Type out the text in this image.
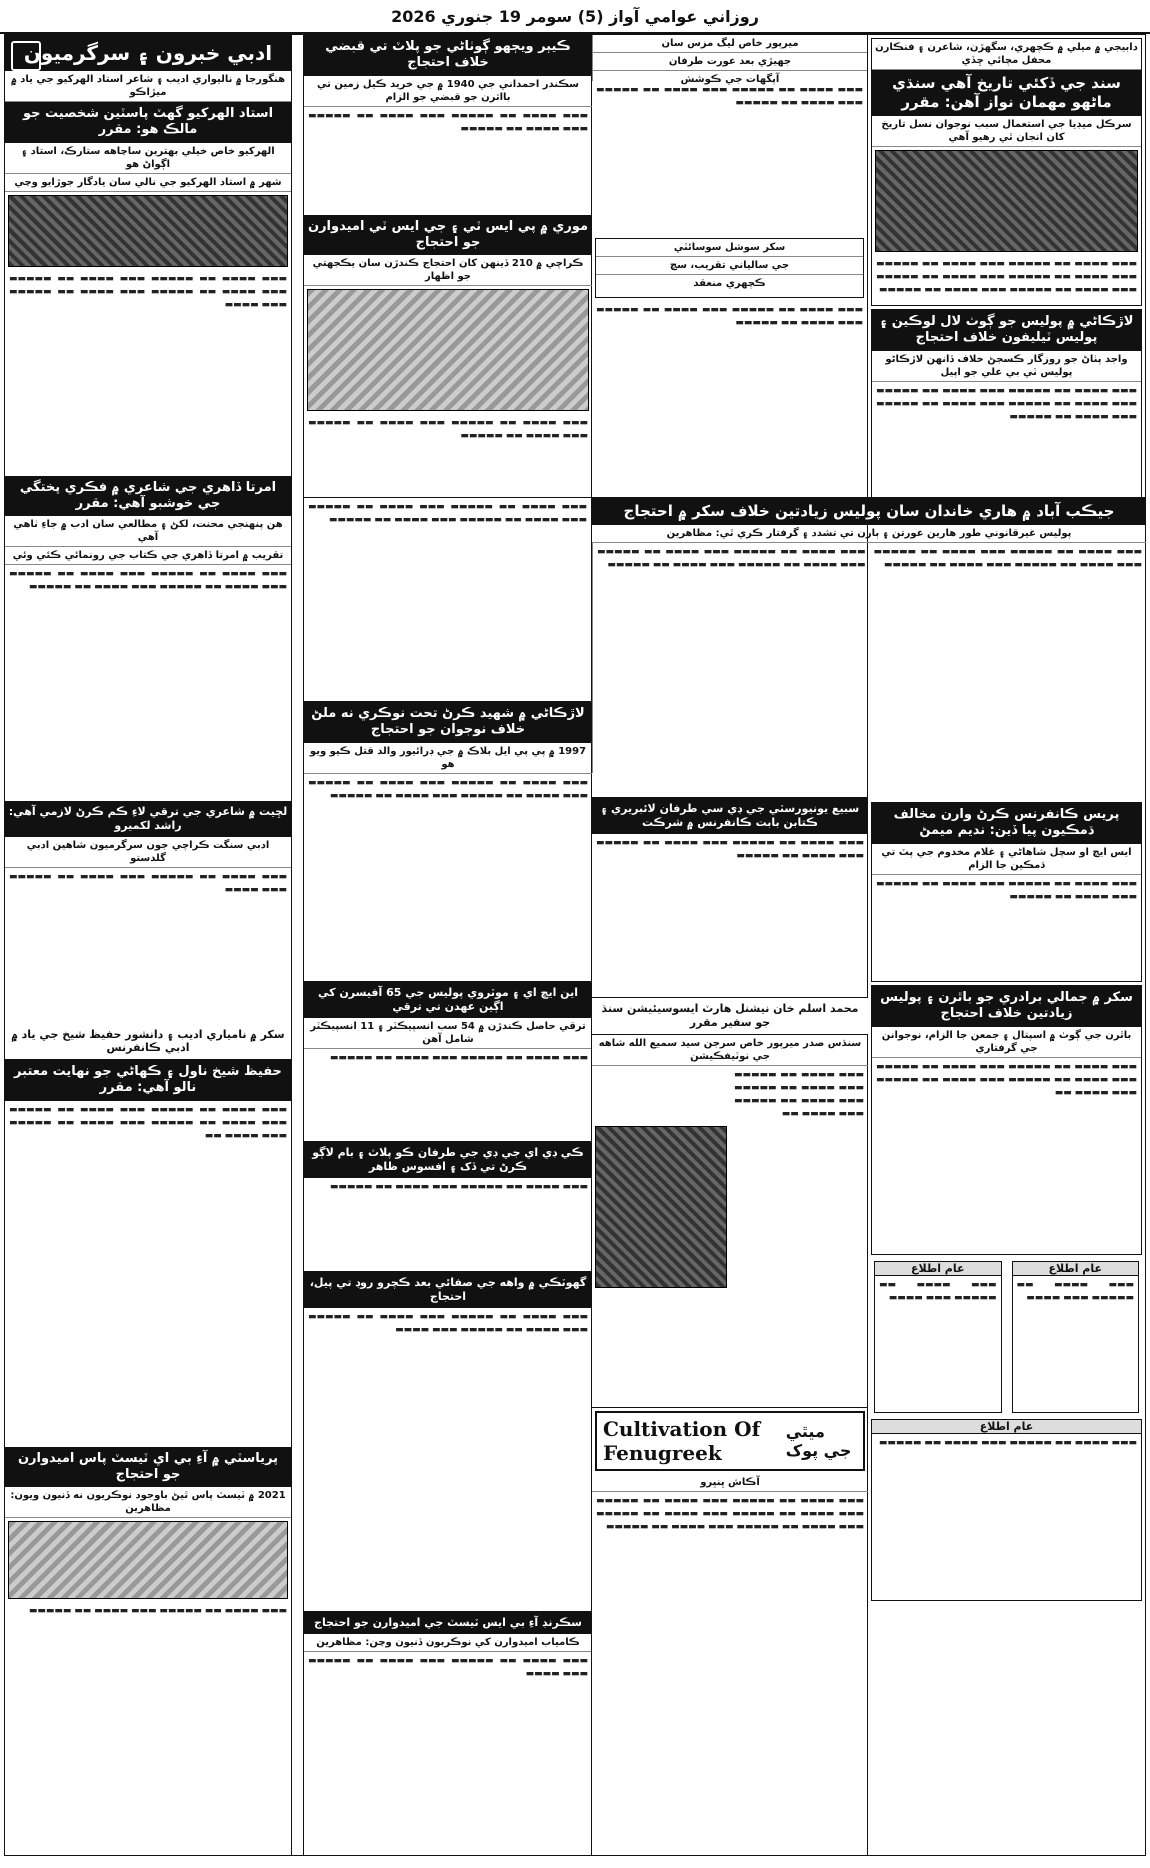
روزاني عوامي آواز (5) سومر 19 جنوري 2026
دابيجي ۾ ميلي ۾ ڪچهري، سگهڙن، شاعرن ۽ فنڪارن محفل مچائي ڇڏي
سند جي ڏکئي تاريخ آهي سنڌي ماڻهو مهمان نواز آهن: مقرر
سرڪل ميڊيا جي استعمال سبب نوجوان نسل تاريخ کان انجان ٿي رهيو آهي
▬▬▬ ▬▬▬▬ ▬▬ ▬▬▬▬▬ ▬▬▬ ▬▬▬▬ ▬▬ ▬▬▬▬▬ ▬▬▬ ▬▬▬▬ ▬▬ ▬▬▬▬▬ ▬▬▬ ▬▬▬▬ ▬▬ ▬▬▬▬▬ ▬▬▬ ▬▬▬▬ ▬▬ ▬▬▬▬▬ ▬▬▬ ▬▬▬▬ ▬▬ ▬▬▬▬▬
لاڙڪاڻي ۾ پوليس جو ڳوٺ لال لوڪين ۽ پوليس ٽيليفون خلاف احتجاج
واجد پٺاڻ جو روزگار ڪسجڻ خلاف ڏانهن لاڙڪاڻو پوليس ٽي بي علي جو اپيل
▬▬▬ ▬▬▬▬ ▬▬ ▬▬▬▬▬ ▬▬▬ ▬▬▬▬ ▬▬ ▬▬▬▬▬ ▬▬▬ ▬▬▬▬ ▬▬ ▬▬▬▬▬ ▬▬▬ ▬▬▬▬ ▬▬ ▬▬▬▬▬ ▬▬▬ ▬▬▬▬ ▬▬ ▬▬▬▬▬
جيڪب آباد ۾ هاري خاندان سان پوليس زيادتين خلاف سکر ۾ احتجاج
پوليس غيرقانوني طور هارين عورتن ۽ ٻارن تي تشدد ۽ گرفتار ڪري ٿي: مظاهرين
▬▬▬ ▬▬▬▬ ▬▬ ▬▬▬▬▬ ▬▬▬ ▬▬▬▬ ▬▬ ▬▬▬▬▬ ▬▬▬ ▬▬▬▬ ▬▬ ▬▬▬▬▬ ▬▬▬ ▬▬▬▬ ▬▬ ▬▬▬▬▬
▬▬▬ ▬▬▬▬ ▬▬ ▬▬▬▬▬ ▬▬▬ ▬▬▬▬ ▬▬ ▬▬▬▬▬ ▬▬▬ ▬▬▬▬ ▬▬ ▬▬▬▬▬ ▬▬▬ ▬▬▬▬ ▬▬ ▬▬▬▬▬
پريس ڪانفرنس ڪرڻ وارن مخالف ڌمڪيون پيا ڏين: نديم ميمڻ
ايس ايچ او سچل شاهاڻي ۽ غلام مخدوم جي پٽ تي ڌمڪين جا الزام
▬▬▬ ▬▬▬▬ ▬▬ ▬▬▬▬▬ ▬▬▬ ▬▬▬▬ ▬▬ ▬▬▬▬▬ ▬▬▬ ▬▬▬▬ ▬▬ ▬▬▬▬▬
سکر ۾ جمالي برادري جو باٿرن ۽ پوليس زيادتين خلاف احتجاج
باٿرن جي ڳوٺ ۾ اسپتال ۽ جمعن جا الزام، نوجوانن جي گرفتاري
▬▬▬ ▬▬▬▬ ▬▬ ▬▬▬▬▬ ▬▬▬ ▬▬▬▬ ▬▬ ▬▬▬▬▬ ▬▬▬ ▬▬▬▬ ▬▬ ▬▬▬▬▬ ▬▬▬ ▬▬▬▬ ▬▬ ▬▬▬▬▬ ▬▬▬ ▬▬▬▬ ▬▬
عام اطلاع
▬▬▬ ▬▬▬▬ ▬▬ ▬▬▬▬▬ ▬▬▬ ▬▬▬▬
عام اطلاع
▬▬▬ ▬▬▬▬ ▬▬ ▬▬▬▬▬ ▬▬▬ ▬▬▬▬
عام اطلاع
▬▬▬ ▬▬▬▬ ▬▬ ▬▬▬▬▬ ▬▬▬ ▬▬▬▬ ▬▬ ▬▬▬▬▬
ميرپور خاص ليگ مزس سان
جهيڙي بعد عورت طرفان
آپگهات جي ڪوشش
▬▬▬ ▬▬▬▬ ▬▬ ▬▬▬▬▬ ▬▬▬ ▬▬▬▬ ▬▬ ▬▬▬▬▬ ▬▬▬ ▬▬▬▬ ▬▬ ▬▬▬▬▬
سکر سوشل سوسائٽي
جي سالياني تقريب، سچ
ڪچهري منعقد
▬▬▬ ▬▬▬▬ ▬▬ ▬▬▬▬▬ ▬▬▬ ▬▬▬▬ ▬▬ ▬▬▬▬▬ ▬▬▬ ▬▬▬▬ ▬▬ ▬▬▬▬▬
ڪيٻر ويڄهو ڳوٺاڻي جو پلاٽ تي قبضي خلاف احتجاج
سڪندر احمداني جي 1940 ۾ جي خريد ڪيل زمين تي بااثرن جو قبضي جو الزام
▬▬▬ ▬▬▬▬ ▬▬ ▬▬▬▬▬ ▬▬▬ ▬▬▬▬ ▬▬ ▬▬▬▬▬ ▬▬▬ ▬▬▬▬ ▬▬ ▬▬▬▬▬
موري ۾ پي ايس ٽي ۽ جي ايس ٽي اميدوارن جو احتجاج
ڪراچي ۾ 210 ڏينهن کان احتجاج ڪندڙن سان يڪجهتي جو اظهار
▬▬▬ ▬▬▬▬ ▬▬ ▬▬▬▬▬ ▬▬▬ ▬▬▬▬ ▬▬ ▬▬▬▬▬ ▬▬▬ ▬▬▬▬ ▬▬ ▬▬▬▬▬
لاڙڪاڻي ۾ شهيد ڪرڻ تحت نوڪري نه ملڻ خلاف نوجوان جو احتجاج
1997 ۾ پي پي ايل بلاڪ ۾ جي ڊرائيور والد قتل ڪيو ويو هو
▬▬▬ ▬▬▬▬ ▬▬ ▬▬▬▬▬ ▬▬▬ ▬▬▬▬ ▬▬ ▬▬▬▬▬ ▬▬▬ ▬▬▬▬ ▬▬ ▬▬▬▬▬ ▬▬▬ ▬▬▬▬ ▬▬ ▬▬▬▬▬
▬▬▬ ▬▬▬▬ ▬▬ ▬▬▬▬▬ ▬▬▬ ▬▬▬▬ ▬▬ ▬▬▬▬▬ ▬▬▬ ▬▬▬▬ ▬▬ ▬▬▬▬▬ ▬▬▬ ▬▬▬▬ ▬▬ ▬▬▬▬▬
سبيع يونيورسٽي جي ڊي سي طرفان لائبريري ۽ ڪتابن بابت ڪانفرنس ۾ شرڪت
▬▬▬ ▬▬▬▬ ▬▬ ▬▬▬▬▬ ▬▬▬ ▬▬▬▬ ▬▬ ▬▬▬▬▬ ▬▬▬ ▬▬▬▬ ▬▬ ▬▬▬▬▬
اين ايڇ اي ۽ موٽروي پوليس جي 65 آفيسرن کي اڳين عهدن تي ترقي
ترقي حاصل ڪندڙن ۾ 54 سب انسپيڪٽر ۽ 11 انسپيڪٽر شامل آهن
▬▬▬ ▬▬▬▬ ▬▬ ▬▬▬▬▬ ▬▬▬ ▬▬▬▬ ▬▬ ▬▬▬▬▬
ڪي ڊي اي جي ڊي جي طرفان ڪو پلاٽ ۽ بام لاڳو ڪرڻ تي ڏک ۽ افسوس ظاهر
▬▬▬ ▬▬▬▬ ▬▬ ▬▬▬▬▬ ▬▬▬ ▬▬▬▬ ▬▬ ▬▬▬▬▬
محمد اسلم خان نيشنل هارٽ ايسوسيئيشن سنڌ جو سفير مقرر
سنڌس صدر ميرپور خاص سرجن سيد سميع الله شاهه جي نوٽيفڪيشن
▬▬▬ ▬▬▬▬ ▬▬ ▬▬▬▬▬ ▬▬▬ ▬▬▬▬ ▬▬ ▬▬▬▬▬ ▬▬▬ ▬▬▬▬ ▬▬ ▬▬▬▬▬ ▬▬▬ ▬▬▬▬ ▬▬
گهوٽڪي ۾ واهه جي صفائي بعد ڪچرو روڊ تي پيل، احتجاج
▬▬▬ ▬▬▬▬ ▬▬ ▬▬▬▬▬ ▬▬▬ ▬▬▬▬ ▬▬ ▬▬▬▬▬ ▬▬▬ ▬▬▬▬ ▬▬ ▬▬▬▬▬ ▬▬▬ ▬▬▬▬
سڪرنڊ آءِ بي ايس ٽيسٽ جي اميدوارن جو احتجاج
ڪامياب اميدوارن کي نوڪريون ڏنيون وڃن: مظاهرين
▬▬▬ ▬▬▬▬ ▬▬ ▬▬▬▬▬ ▬▬▬ ▬▬▬▬ ▬▬ ▬▬▬▬▬ ▬▬▬ ▬▬▬▬
Cultivation Of Fenugreek
ميٿي جي پوک
آڪاش ڀنڀرو
▬▬▬ ▬▬▬▬ ▬▬ ▬▬▬▬▬ ▬▬▬ ▬▬▬▬ ▬▬ ▬▬▬▬▬ ▬▬▬ ▬▬▬▬ ▬▬ ▬▬▬▬▬ ▬▬▬ ▬▬▬▬ ▬▬ ▬▬▬▬▬ ▬▬▬ ▬▬▬▬ ▬▬ ▬▬▬▬▬ ▬▬▬ ▬▬▬▬ ▬▬ ▬▬▬▬▬
ادبي خبرون ۽ سرگرميون
هنگورجا ۾ ناليواري اديب ۽ شاعر استاد الهرکيو جي ياد ۾ ميڙاڪو
استاد الهرکيو گهٽ پاسٽين شخصيت جو مالڪ هو: مقرر
الهرکيو خاص خيلي بهترين ساڃاهه ستارڪ، استاد ۽ اڳواڻ هو
شهر ۾ استاد الهرکيو جي نالي سان يادگار جوڙايو وڃي
▬▬▬ ▬▬▬▬ ▬▬ ▬▬▬▬▬ ▬▬▬ ▬▬▬▬ ▬▬ ▬▬▬▬▬ ▬▬▬ ▬▬▬▬ ▬▬ ▬▬▬▬▬ ▬▬▬ ▬▬▬▬ ▬▬ ▬▬▬▬▬ ▬▬▬ ▬▬▬▬
امرتا ڏاهري جي شاعري ۾ فڪري پختگي جي خوشبو آهي: مقرر
هن پنهنجي محنت، لکڻ ۽ مطالعي سان ادب ۾ جاءِ ٺاهي آهي
تقريب ۾ امرتا ڏاهري جي ڪتاب جي رونمائي ڪئي وئي
▬▬▬ ▬▬▬▬ ▬▬ ▬▬▬▬▬ ▬▬▬ ▬▬▬▬ ▬▬ ▬▬▬▬▬ ▬▬▬ ▬▬▬▬ ▬▬ ▬▬▬▬▬ ▬▬▬ ▬▬▬▬ ▬▬ ▬▬▬▬▬
لڇيت ۾ شاعري جي ترقي لاءِ ڪم ڪرڻ لازمي آهي: راشد لکميرو
ادبي سنگت ڪراچي جون سرگرميون شاهين ادبي گلدستو
▬▬▬ ▬▬▬▬ ▬▬ ▬▬▬▬▬ ▬▬▬ ▬▬▬▬ ▬▬ ▬▬▬▬▬ ▬▬▬ ▬▬▬▬
سکر ۾ نامياري اديب ۽ دانشور حفيظ شيخ جي ياد ۾ ادبي ڪانفرنس
حفيظ شيخ ناول ۽ ڪهاڻي جو نهايت معتبر نالو آهي: مقرر
▬▬▬ ▬▬▬▬ ▬▬ ▬▬▬▬▬ ▬▬▬ ▬▬▬▬ ▬▬ ▬▬▬▬▬ ▬▬▬ ▬▬▬▬ ▬▬ ▬▬▬▬▬ ▬▬▬ ▬▬▬▬ ▬▬ ▬▬▬▬▬ ▬▬▬ ▬▬▬▬ ▬▬
پرياسٽي ۾ آءِ بي اي ٽيسٽ پاس اميدوارن جو احتجاج
2021 ۾ ٽيسٽ پاس ٿيڻ باوجود نوڪريون نه ڏنيون ويون: مظاهرين
▬▬▬ ▬▬▬▬ ▬▬ ▬▬▬▬▬ ▬▬▬ ▬▬▬▬ ▬▬ ▬▬▬▬▬
